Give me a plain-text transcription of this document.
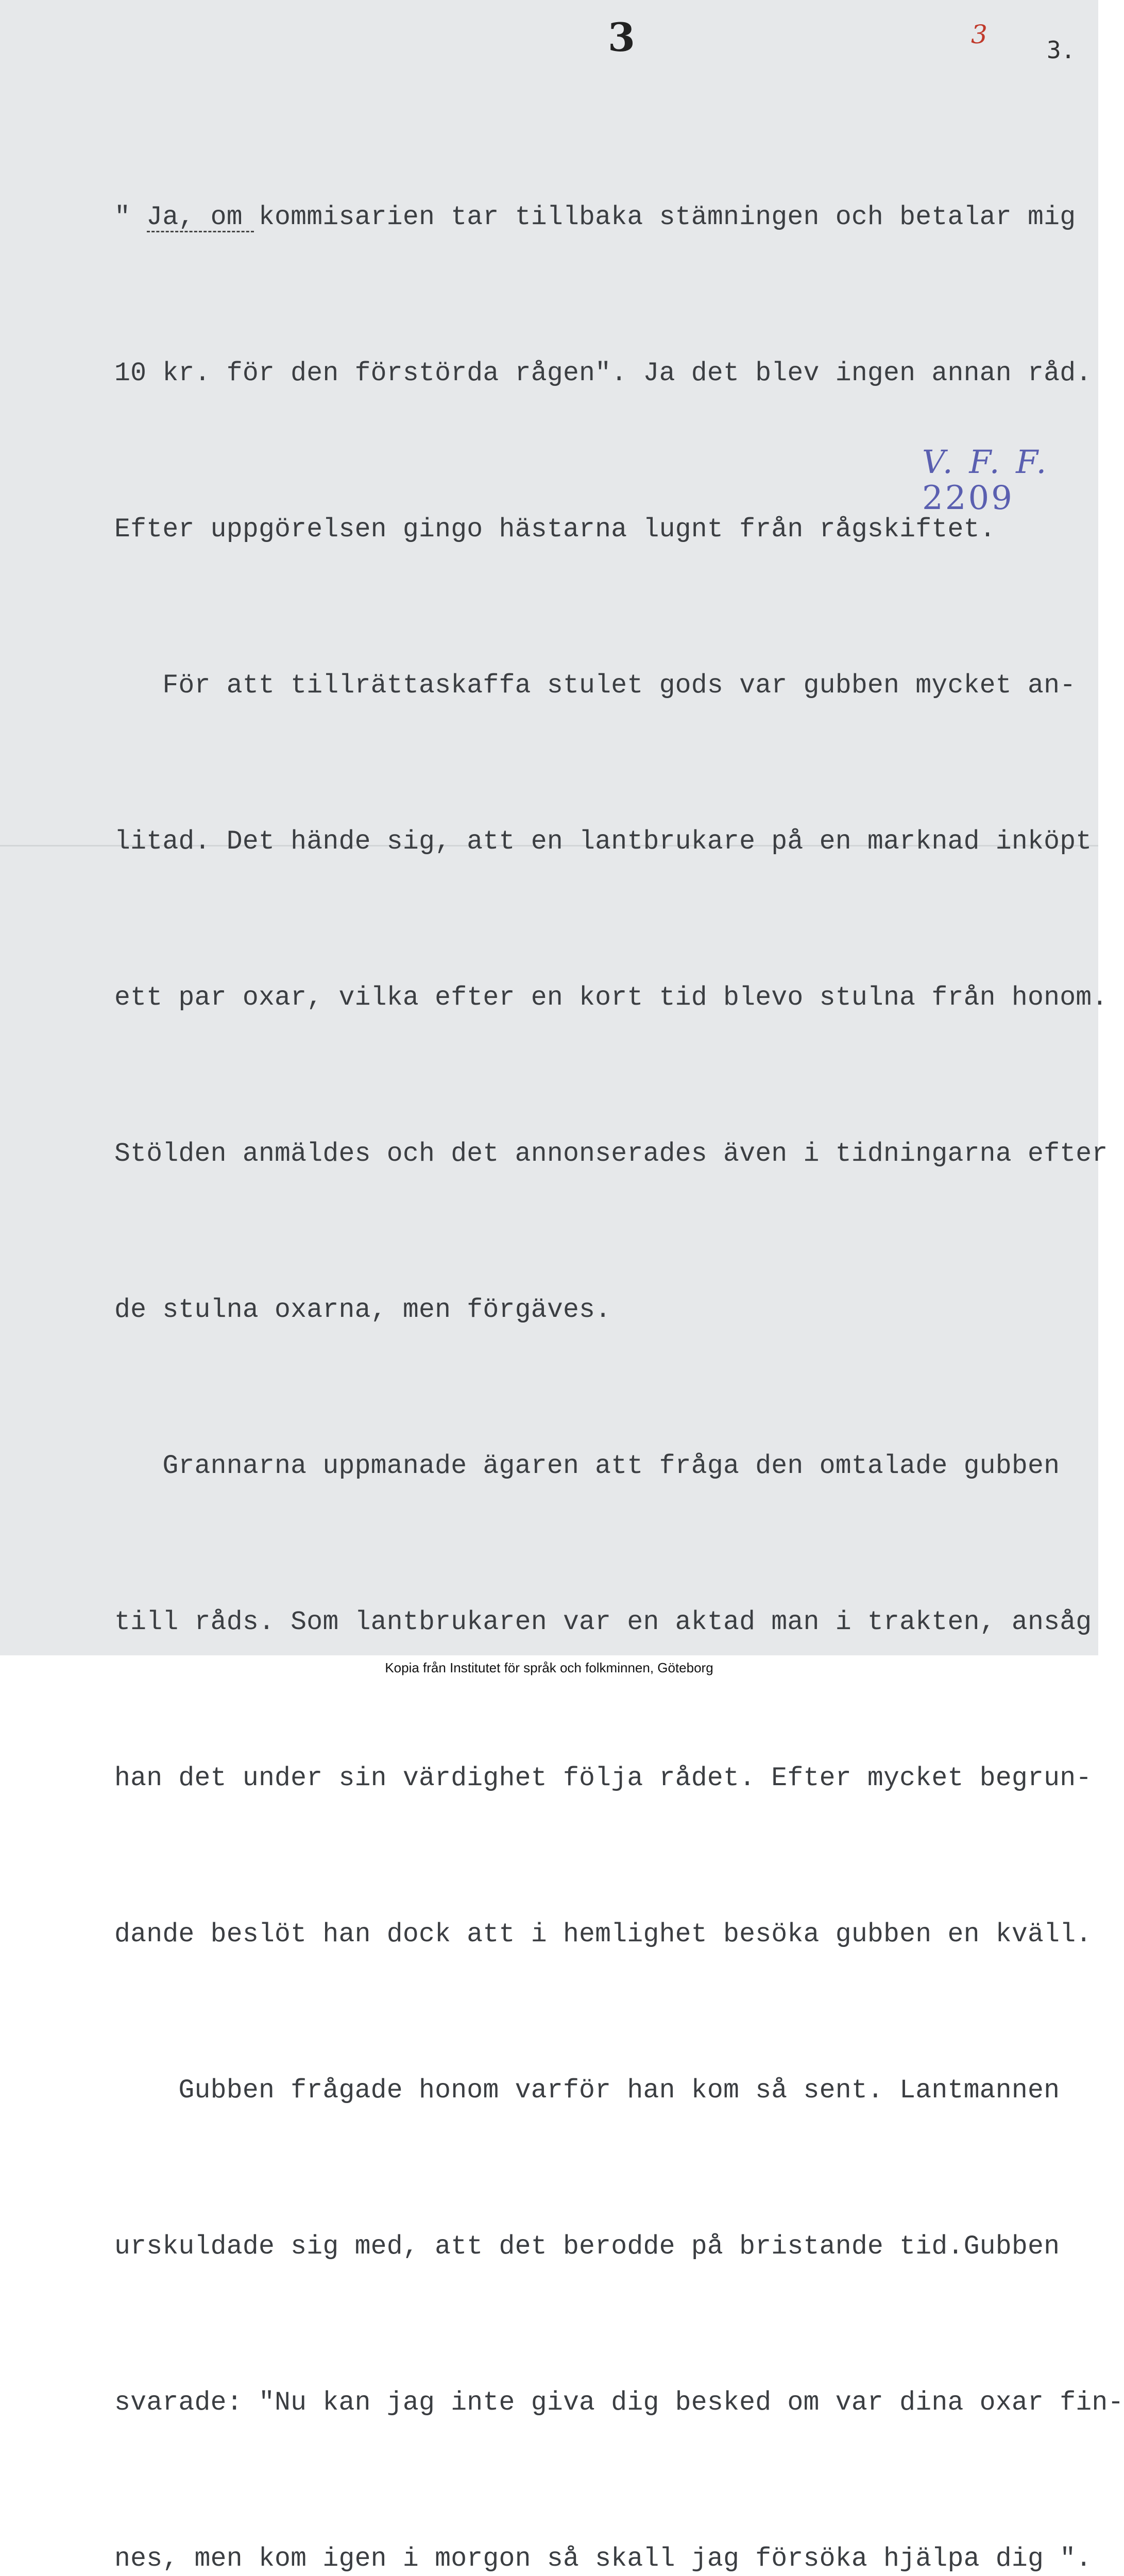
3	3
3.
V. F. F.
2209

" Ja, om kommisarien tar tillbaka stämningen och betalar mig

10 kr. för den förstörda rågen". Ja det blev ingen annan råd.

Efter uppgörelsen gingo hästarna lugnt från rågskiftet.

För att tillrättaskaffa stulet gods var gubben mycket an-

litad. Det hände sig, att en lantbrukare på en marknad inköpt

ett par oxar, vilka efter en kort tid blevo stulna från honom.

Stölden anmäldes och det annonserades även i tidningarna efter

de stulna oxarna, men förgäves.

Grannarna uppmanade ägaren att fråga den omtalade gubben

till råds. Som lantbrukaren var en aktad man i trakten, ansåg

han det under sin värdighet följa rådet. Efter mycket begrun-

dande beslöt han dock att i hemlighet besöka gubben en kväll.

Gubben frågade honom varför han kom så sent. Lantmannen

urskuldade sig med, att det berodde på bristande tid.Gubben

svarade: "Nu kan jag inte giva dig besked om var dina oxar fin-

nes, men kom igen i morgon så skall jag försöka hjälpa dig ".

Kopia från Institutet för språk och folkminnen, Göteborg
